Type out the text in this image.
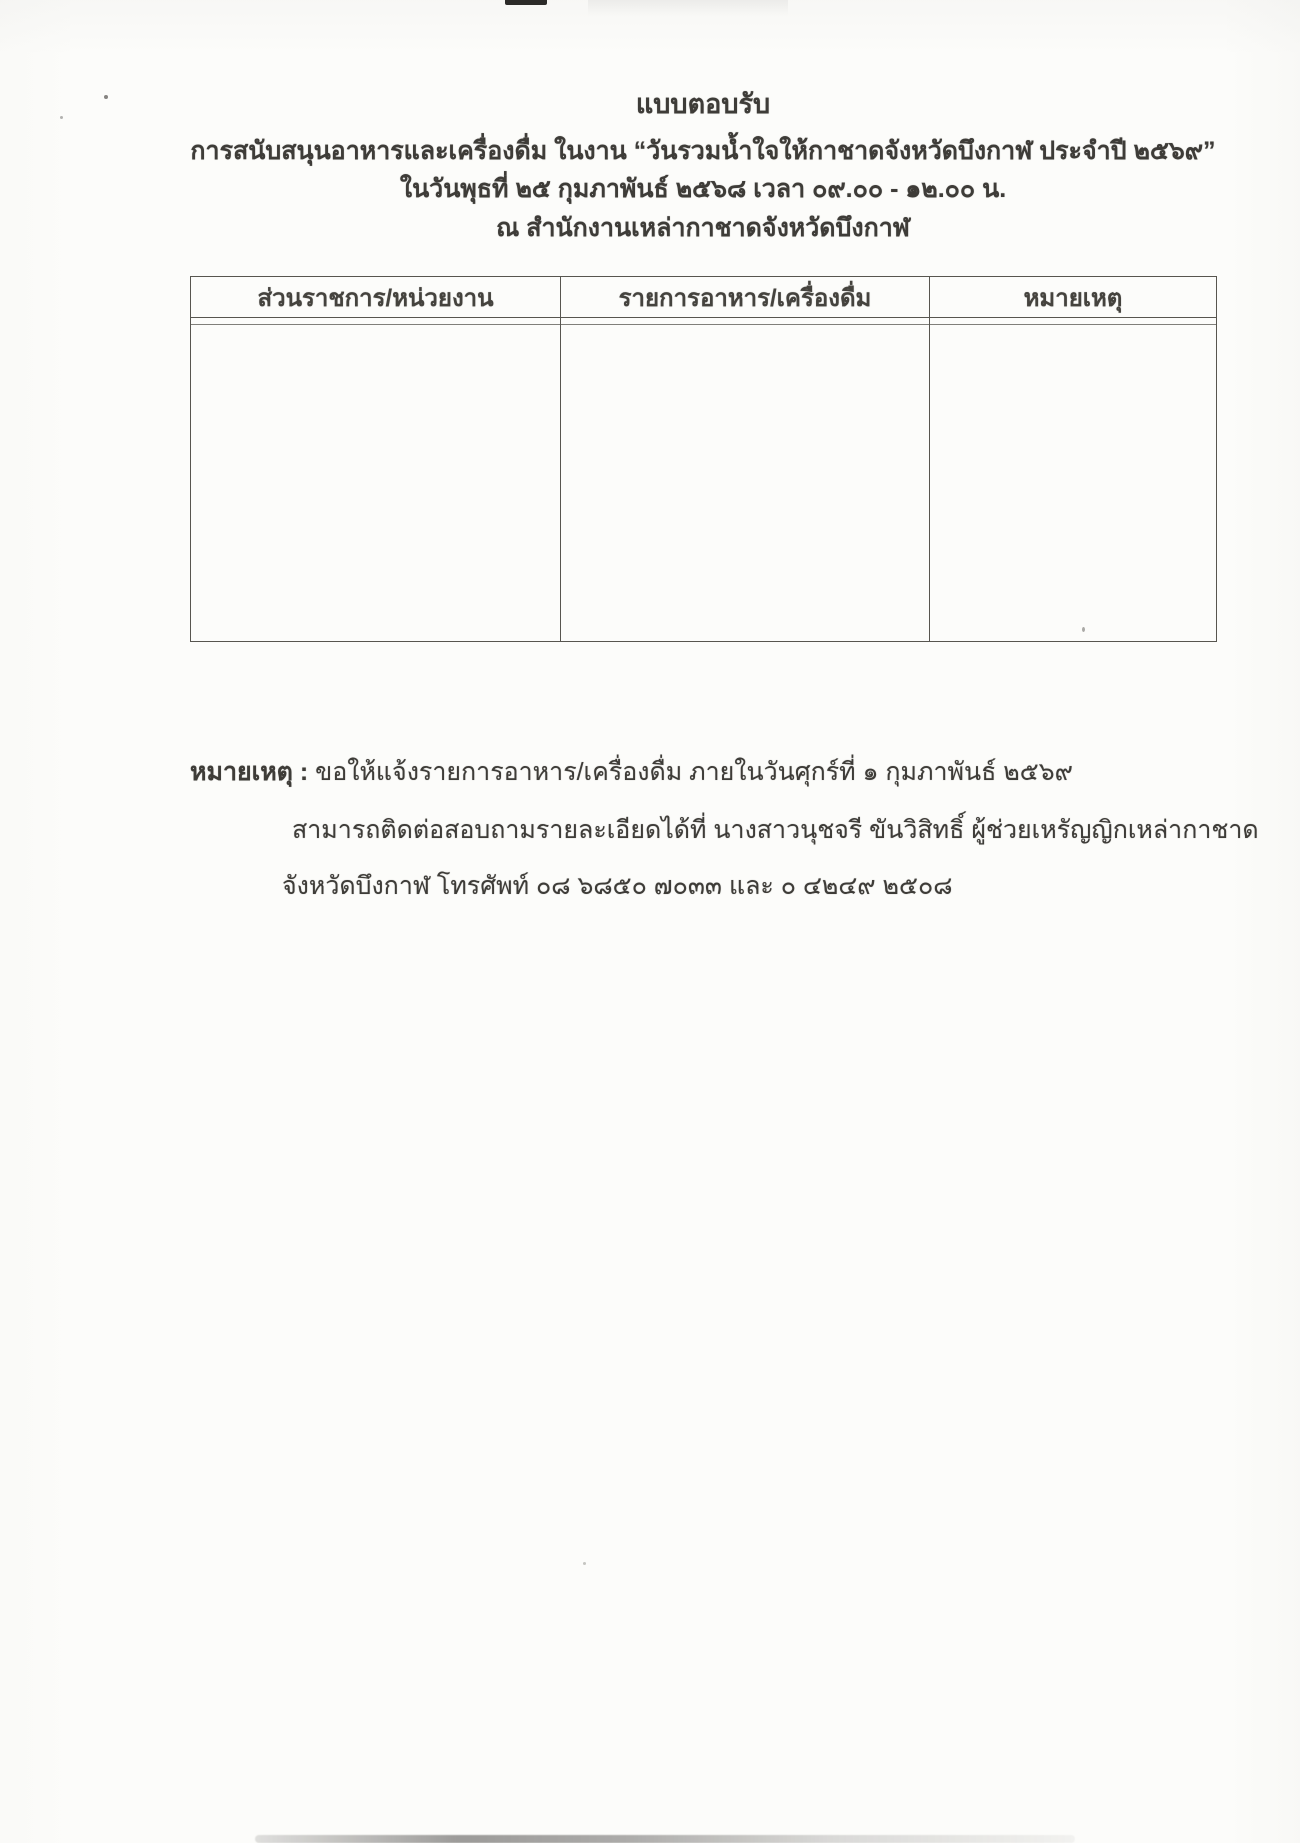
แบบตอบรับ
การสนับสนุนอาหารและเครื่องดื่ม ในงาน “วันรวมน้ำใจให้กาชาดจังหวัดบึงกาฬ ประจำปี ๒๕๖๙”
ในวันพุธที่ ๒๕ กุมภาพันธ์ ๒๕๖๘ เวลา ๐๙.๐๐ - ๑๒.๐๐ น.
ณ สำนักงานเหล่ากาชาดจังหวัดบึงกาฬ
ส่วนราชการ/หน่วยงาน	รายการอาหาร/เครื่องดื่ม	หมายเหตุ

หมายเหตุ : ขอให้แจ้งรายการอาหาร/เครื่องดื่ม ภายในวันศุกร์ที่ ๑ กุมภาพันธ์ ๒๕๖๙
สามารถติดต่อสอบถามรายละเอียดได้ที่ นางสาวนุชจรี ขันวิสิทธิ์ ผู้ช่วยเหรัญญิกเหล่ากาชาด
จังหวัดบึงกาฬ โทรศัพท์ ๐๘ ๖๘๕๐ ๗๐๓๓ และ ๐ ๔๒๔๙ ๒๕๐๘
